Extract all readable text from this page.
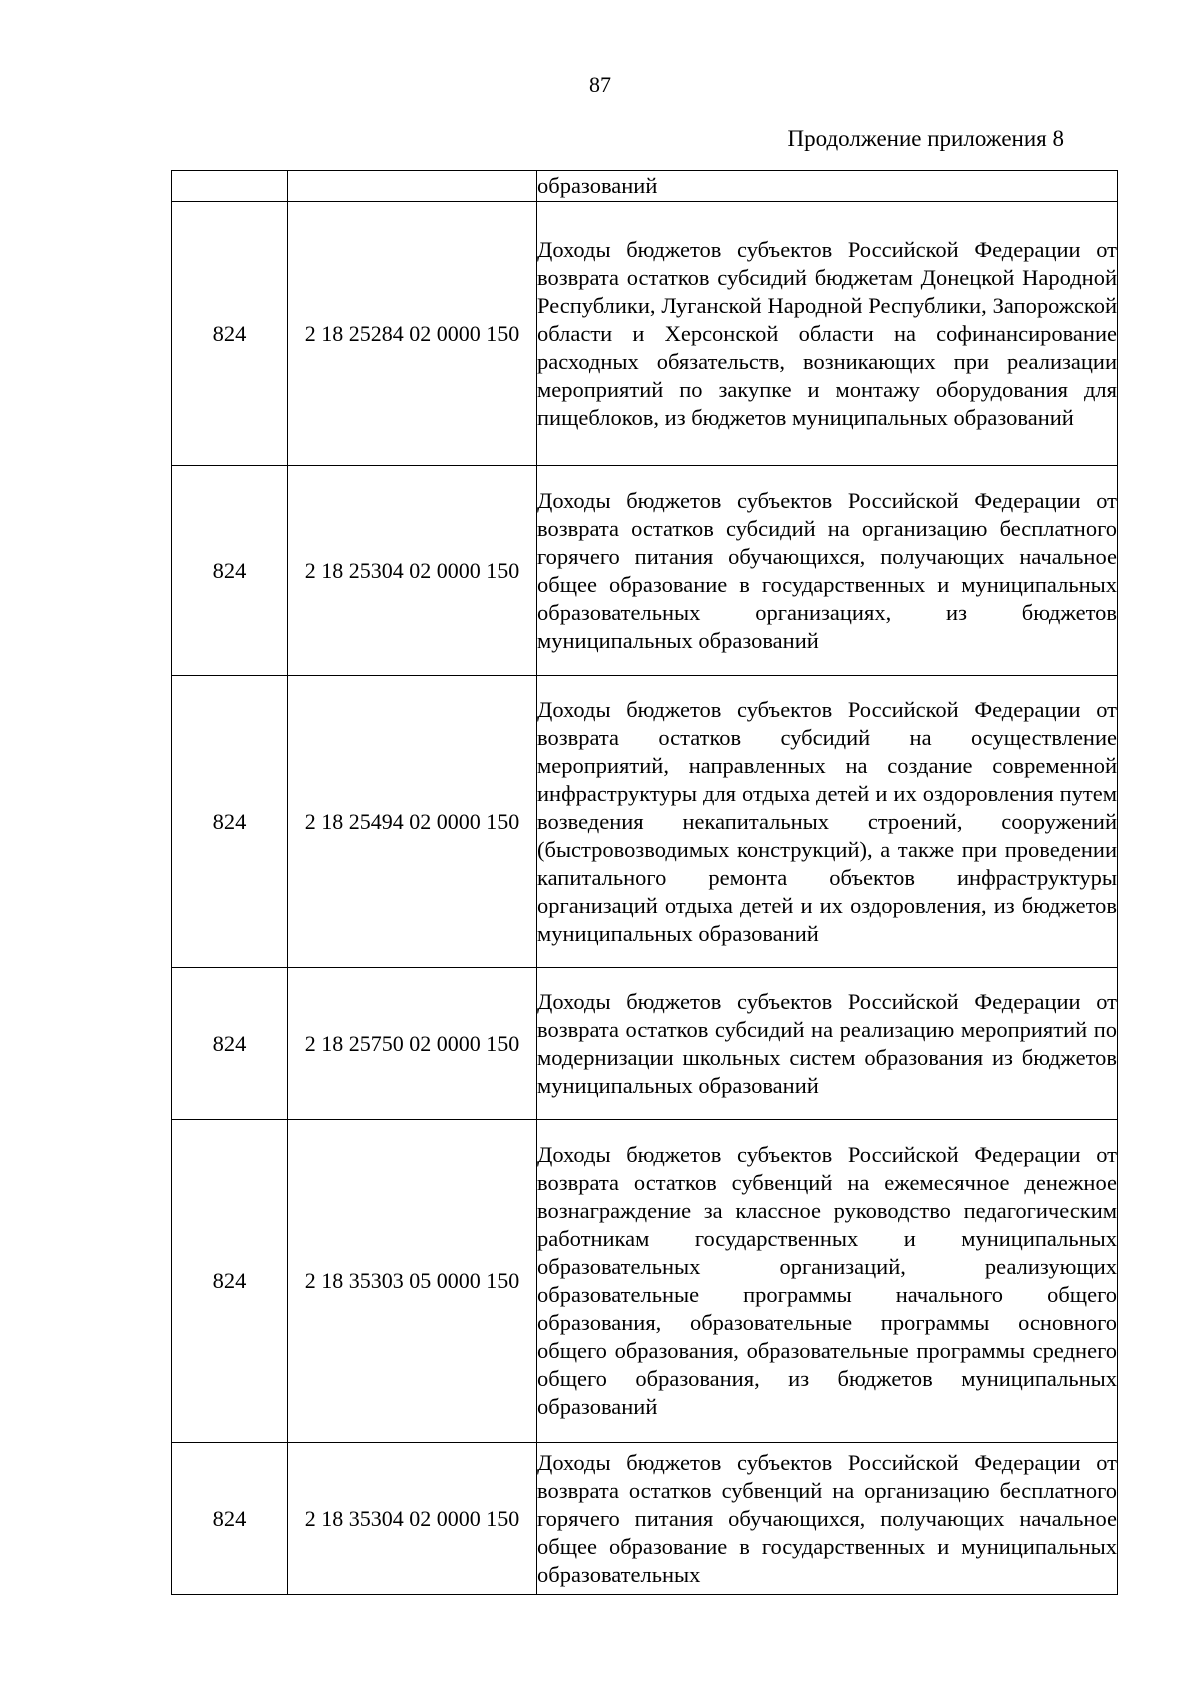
87
Продолжение приложения 8

		образований

824	2 18 25284 02 0000 150	Доходы бюджетов субъектов Российской Федерации от возврата остатков субсидий бюджетам Донецкой Народной Республики, Луганской Народной Республики, Запорожской области и Херсонской области на софинансирование расходных обязательств, возникающих при реализации мероприятий по закупке и монтажу оборудования для пищеблоков, из бюджетов муниципальных образований

824	2 18 25304 02 0000 150	Доходы бюджетов субъектов Российской Федерации от возврата остатков субсидий на организацию бесплатного горячего питания обучающихся, получающих начальное общее образование в государственных и муниципальных образовательных организациях, из бюджетов муниципальных образований

824	2 18 25494 02 0000 150	Доходы бюджетов субъектов Российской Федерации от возврата остатков субсидий на осуществление мероприятий, направленных на создание современной инфраструктуры для отдыха детей и их оздоровления путем возведения некапитальных строений, сооружений (быстровозводимых конструкций), а также при проведении капитального ремонта объектов инфраструктуры организаций отдыха детей и их оздоровления, из бюджетов муниципальных образований

824	2 18 25750 02 0000 150	Доходы бюджетов субъектов Российской Федерации от возврата остатков субсидий на реализацию мероприятий по модернизации школьных систем образования из бюджетов муниципальных образований

824	2 18 35303 05 0000 150	Доходы бюджетов субъектов Российской Федерации от возврата остатков субвенций на ежемесячное денежное вознаграждение за классное руководство педагогическим работникам государственных и муниципальных образовательных организаций, реализующих образовательные программы начального общего образования, образовательные программы основного общего образования, образовательные программы среднего общего образования, из бюджетов муниципальных образований

824	2 18 35304 02 0000 150	Доходы бюджетов субъектов Российской Федерации от возврата остатков субвенций на организацию бесплатного горячего питания обучающихся, получающих начальное общее образование в государственных и муниципальных образовательных
